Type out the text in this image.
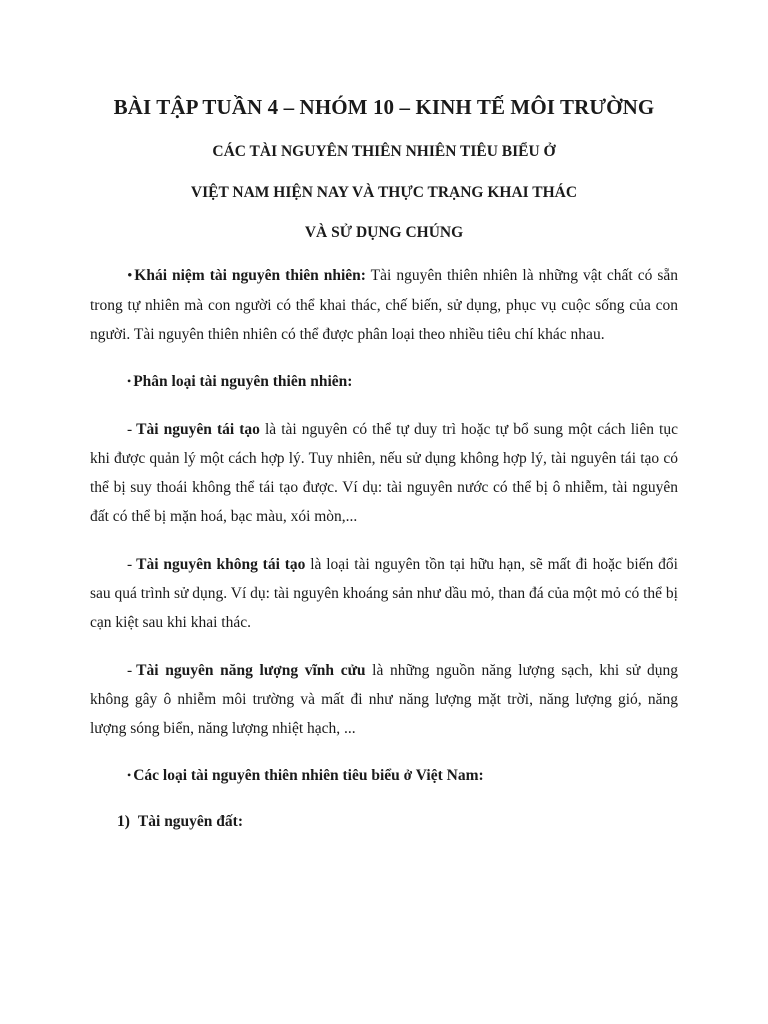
BÀI TẬP TUẦN 4 – NHÓM 10 – KINH TẾ MÔI TRƯỜNG

CÁC TÀI NGUYÊN THIÊN NHIÊN TIÊU BIỂU Ở

VIỆT NAM HIỆN NAY VÀ THỰC TRẠNG KHAI THÁC

VÀ SỬ DỤNG CHÚNG

• Khái niệm tài nguyên thiên nhiên: Tài nguyên thiên nhiên là những vật chất có sẵn trong tự nhiên mà con người có thể khai thác, chế biến, sử dụng, phục vụ cuộc sống của con người. Tài nguyên thiên nhiên có thể được phân loại theo nhiều tiêu chí khác nhau.

• Phân loại tài nguyên thiên nhiên:

- Tài nguyên tái tạo là tài nguyên có thể tự duy trì hoặc tự bổ sung một cách liên tục khi được quản lý một cách hợp lý. Tuy nhiên, nếu sử dụng không hợp lý, tài nguyên tái tạo có thể bị suy thoái không thể tái tạo được. Ví dụ: tài nguyên nước có thể bị ô nhiễm, tài nguyên đất có thể bị mặn hoá, bạc màu, xói mòn,...

- Tài nguyên không tái tạo là loại tài nguyên tồn tại hữu hạn, sẽ mất đi hoặc biến đổi sau quá trình sử dụng. Ví dụ: tài nguyên khoáng sản như dầu mỏ, than đá của một mỏ có thể bị cạn kiệt sau khi khai thác.

- Tài nguyên năng lượng vĩnh cửu là những nguồn năng lượng sạch, khi sử dụng không gây ô nhiễm môi trường và mất đi như năng lượng mặt trời, năng lượng gió, năng lượng sóng biển, năng lượng nhiệt hạch, ...

• Các loại tài nguyên thiên nhiên tiêu biểu ở Việt Nam:

1) Tài nguyên đất:
